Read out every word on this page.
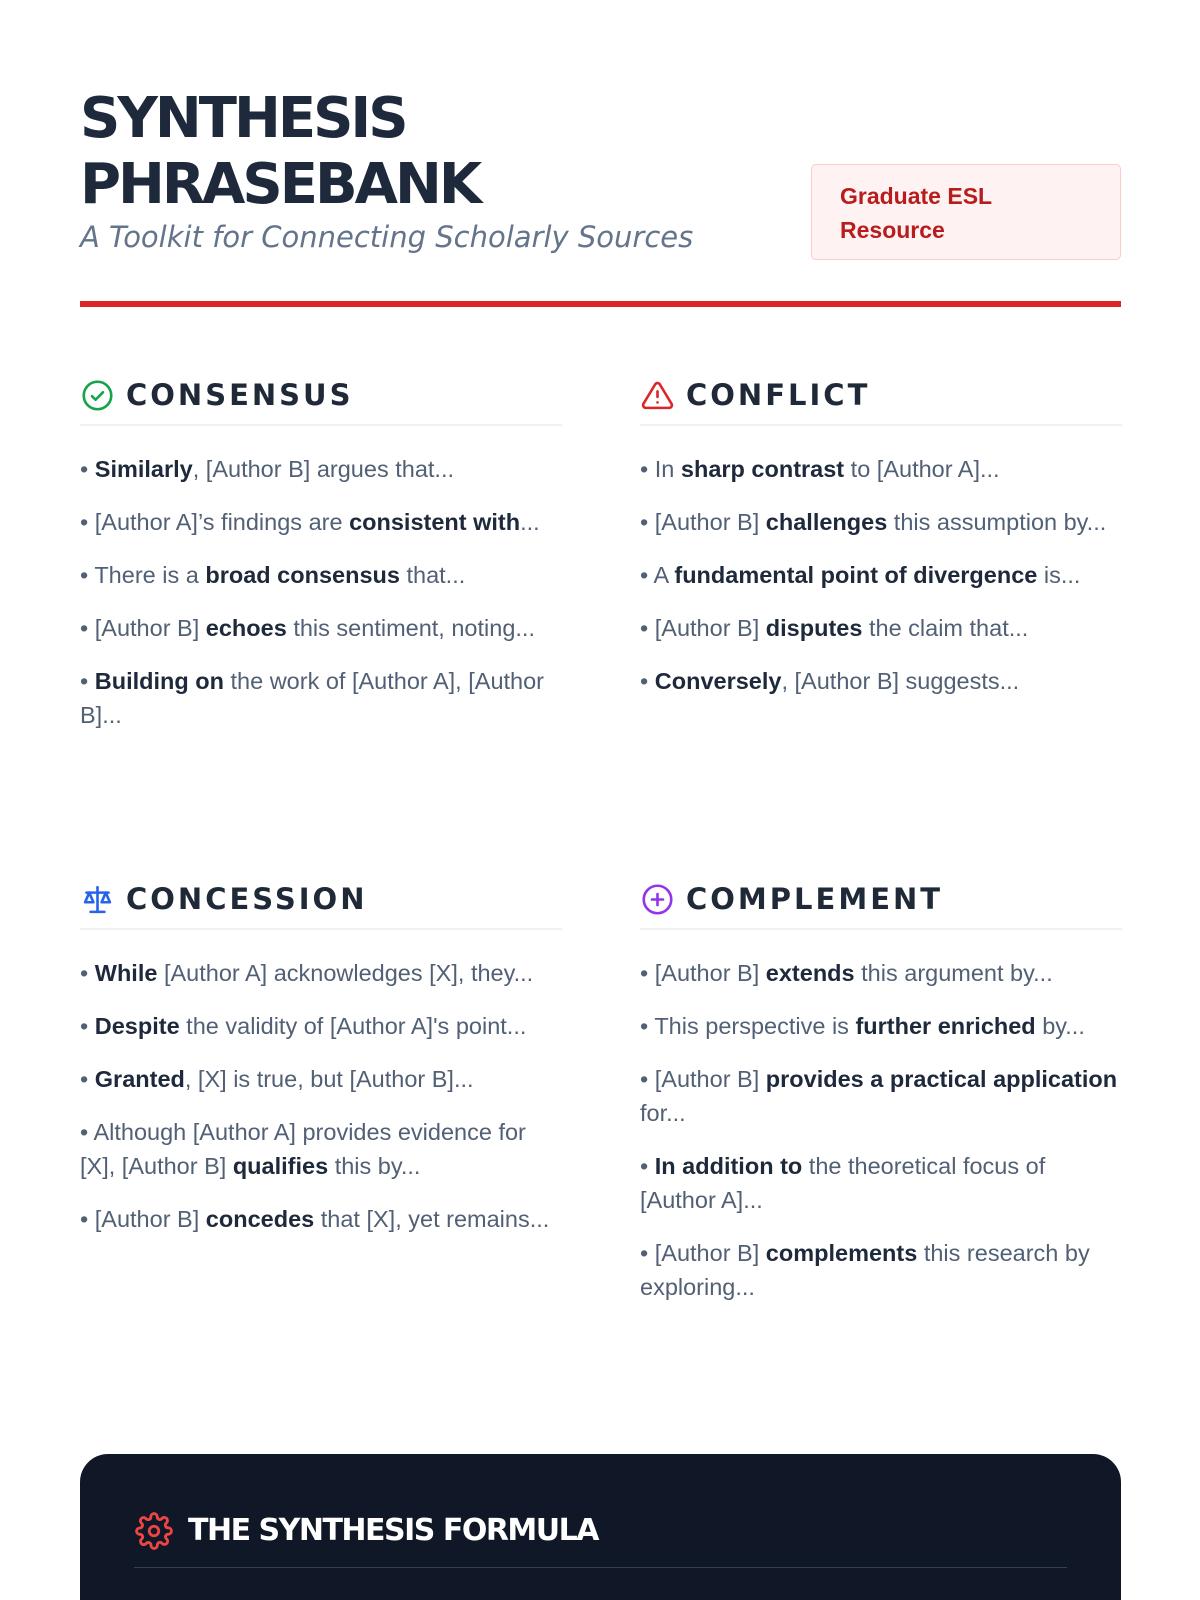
SYNTHESIS
PHRASEBANK
A Toolkit for Connecting Scholarly Sources
Graduate ESL
Resource
CONSENSUS
• Similarly, [Author B] argues that...
• [Author A]’s findings are consistent with...
• There is a broad consensus that...
• [Author B] echoes this sentiment, noting...
• Building on the work of [Author A], [Author B]...
CONFLICT
• In sharp contrast to [Author A]...
• [Author B] challenges this assumption by...
• A fundamental point of divergence is...
• [Author B] disputes the claim that...
• Conversely, [Author B] suggests...
CONCESSION
• While [Author A] acknowledges [X], they...
• Despite the validity of [Author A]'s point...
• Granted, [X] is true, but [Author B]...
• Although [Author A] provides evidence for [X], [Author B] qualifies this by...
• [Author B] concedes that [X], yet remains...
COMPLEMENT
• [Author B] extends this argument by...
• This perspective is further enriched by...
• [Author B] provides a practical application for...
• In addition to the theoretical focus of [Author A]...
• [Author B] complements this research by exploring...
THE SYNTHESIS FORMULA
